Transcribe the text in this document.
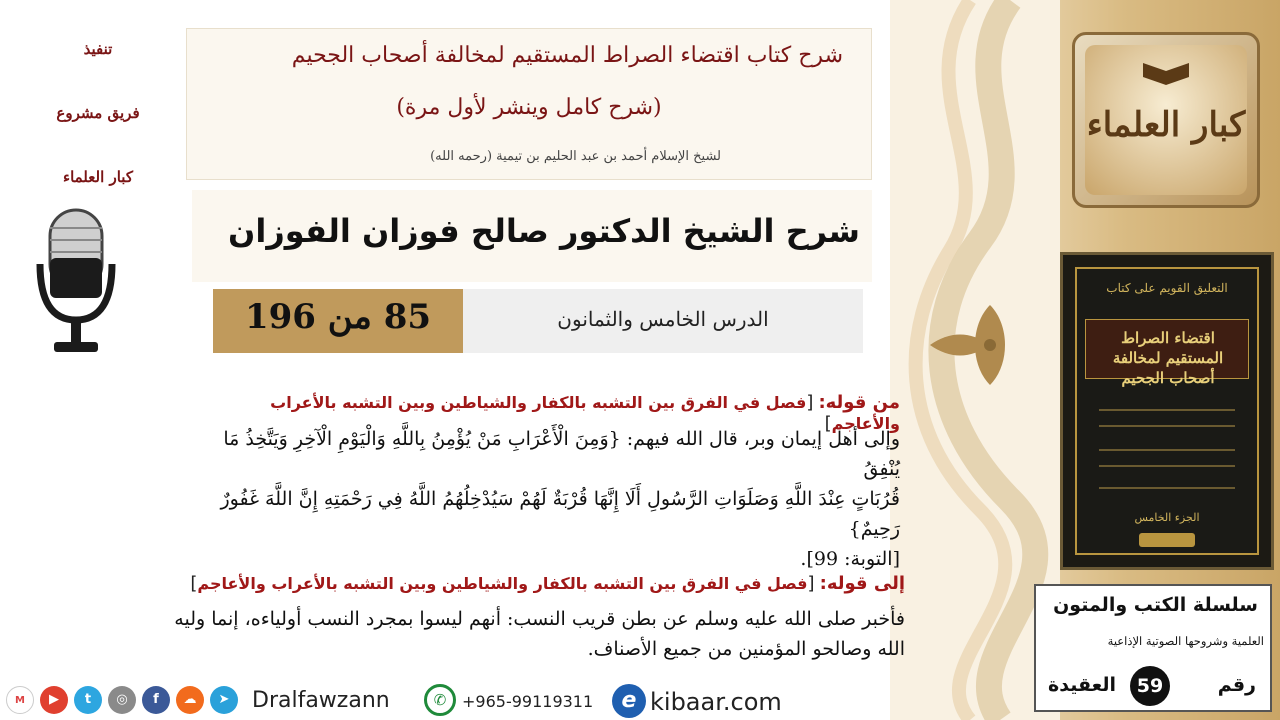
تنفيذ
فريق مشروع
كبار العلماء
شرح كتاب اقتضاء الصراط المستقيم لمخالفة أصحاب الجحيم
(شرح كامل وينشر لأول مرة)
لشيخ الإسلام أحمد بن عبد الحليم بن تيمية (رحمه الله)
شرح الشيخ الدكتور صالح فوزان الفوزان
85 من 196	الدرس الخامس والثمانون
من قوله: [فصل في الفرق بين التشبه بالكفار والشياطين وبين التشبه بالأعراب والأعاجم]
وإلى أهل إيمان وبر، قال الله فيهم: {وَمِنَ الْأَعْرَابِ مَنْ يُؤْمِنُ بِاللَّهِ وَالْيَوْمِ الْآخِرِ وَيَتَّخِذُ مَا يُنْفِقُ
قُرُبَاتٍ عِنْدَ اللَّهِ وَصَلَوَاتِ الرَّسُولِ أَلَا إِنَّهَا قُرْبَةٌ لَهُمْ سَيُدْخِلُهُمُ اللَّهُ فِي رَحْمَتِهِ إِنَّ اللَّهَ غَفُورٌ رَحِيمٌ}
[التوبة: 99].
إلى قوله: [فصل في الفرق بين التشبه بالكفار والشياطين وبين التشبه بالأعراب والأعاجم]
فأخبر صلى الله عليه وسلم عن بطن قريب النسب: أنهم ليسوا بمجرد النسب أولياءه، إنما وليه
الله وصالحو المؤمنين من جميع الأصناف.
كبار العلماء
التعليق القويم على كتاب
اقتضاء الصراط المستقيم لمخالفة أصحاب الجحيم
الجزء الخامس
سلسلة الكتب والمتون
العلمية وشروحها الصوتية الإذاعية
رقم
59
العقيدة
M	▶	t	◎	f	☁	➤	Dralfawzann	✆ +965-99119311	e kibaar.com
